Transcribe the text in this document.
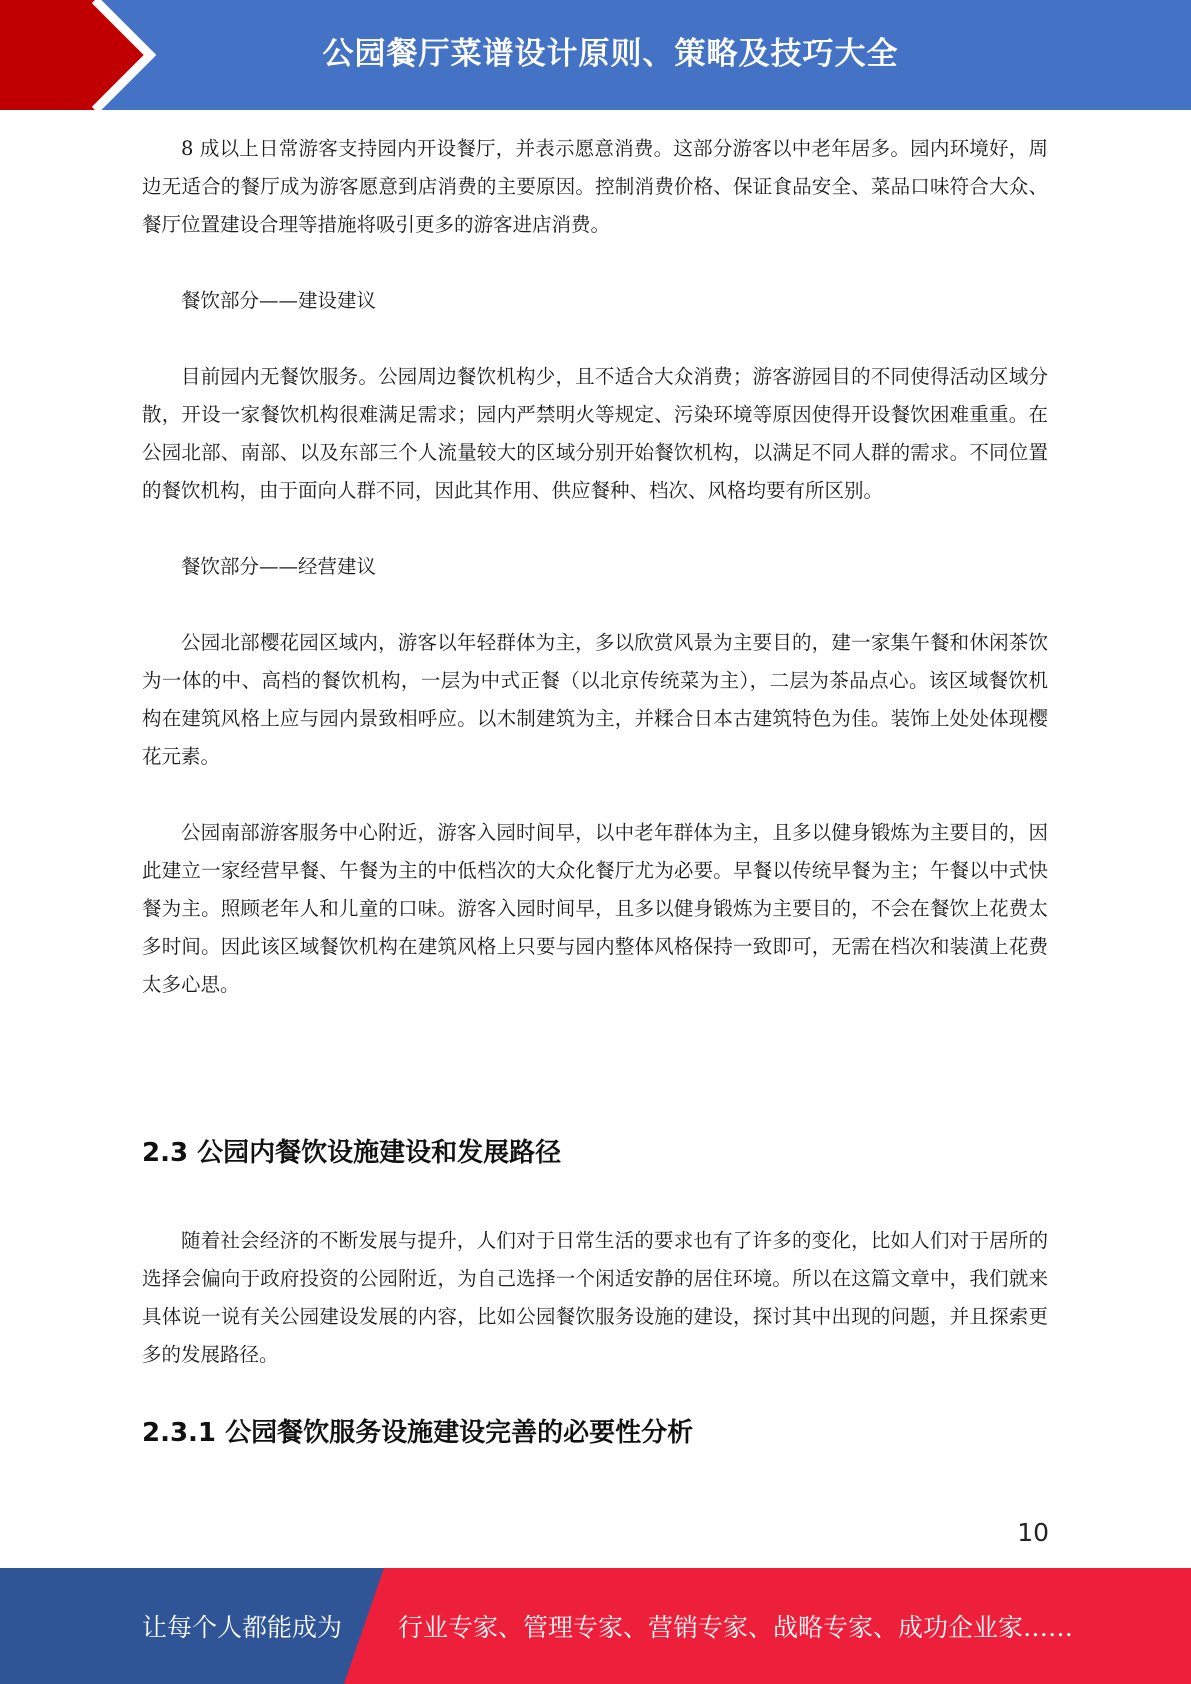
公园餐厅菜谱设计原则、策略及技巧大全

8 成以上日常游客支持园内开设餐厅，并表示愿意消费。这部分游客以中老年居多。园内环境好，周边无适合的餐厅成为游客愿意到店消费的主要原因。控制消费价格、保证食品安全、菜品口味符合大众、餐厅位置建设合理等措施将吸引更多的游客进店消费。

餐饮部分——建设建议

目前园内无餐饮服务。公园周边餐饮机构少，且不适合大众消费；游客游园目的不同使得活动区域分散，开设一家餐饮机构很难满足需求；园内严禁明火等规定、污染环境等原因使得开设餐饮困难重重。在公园北部、南部、以及东部三个人流量较大的区域分别开始餐饮机构，以满足不同人群的需求。不同位置的餐饮机构，由于面向人群不同，因此其作用、供应餐种、档次、风格均要有所区别。

餐饮部分——经营建议

公园北部樱花园区域内，游客以年轻群体为主，多以欣赏风景为主要目的，建一家集午餐和休闲茶饮为一体的中、高档的餐饮机构，一层为中式正餐（以北京传统菜为主），二层为茶品点心。该区域餐饮机构在建筑风格上应与园内景致相呼应。以木制建筑为主，并糅合日本古建筑特色为佳。装饰上处处体现樱花元素。

公园南部游客服务中心附近，游客入园时间早，以中老年群体为主，且多以健身锻炼为主要目的，因此建立一家经营早餐、午餐为主的中低档次的大众化餐厅尤为必要。早餐以传统早餐为主；午餐以中式快餐为主。照顾老年人和儿童的口味。游客入园时间早，且多以健身锻炼为主要目的，不会在餐饮上花费太多时间。因此该区域餐饮机构在建筑风格上只要与园内整体风格保持一致即可，无需在档次和装潢上花费太多心思。

2.3 公园内餐饮设施建设和发展路径

随着社会经济的不断发展与提升，人们对于日常生活的要求也有了许多的变化，比如人们对于居所的选择会偏向于政府投资的公园附近，为自己选择一个闲适安静的居住环境。所以在这篇文章中，我们就来具体说一说有关公园建设发展的内容，比如公园餐饮服务设施的建设，探讨其中出现的问题，并且探索更多的发展路径。

2.3.1 公园餐饮服务设施建设完善的必要性分析

10
让每个人都能成为 行业专家、管理专家、营销专家、战略专家、成功企业家……
